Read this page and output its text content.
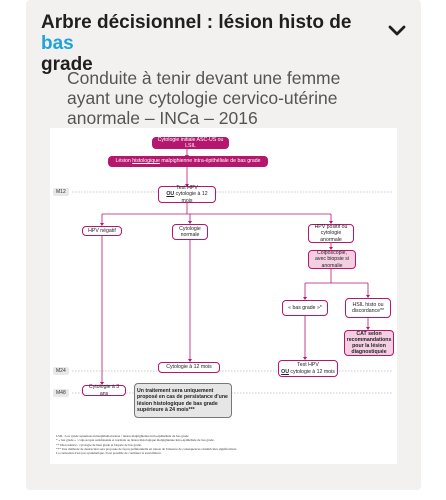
Arbre décisionnel : lésion histo de bas
grade
Conduite à tenir devant une femme ayant une cytologie cervico-utérine anormale – INCa – 2016
Cytologie initiale ASC-US ou LSIL
Lésion histologique malpighienne intra-épithéliale de bas grade
M12
M24
M48
Test HPV
OU cytologie à 12 mois
HPV négatif	Cytologie normale
HPV positif ou cytologie anormale
Colposcopie, avec biopsie si anomalie
« bas grade »*
HSIL histo ou discordance**
CAT selon recommandations pour la lésion diagnostiquée
Cytologie à 12 mois	Test HPV
OU cytologie à 12 mois
Cytologie à 3 ans	Un traitement sera uniquement proposé en cas de persistance d'une lésion histologique de bas grade supérieure à 24 mois***
LSIL : low grade squamous intraepithelial lesion / lésion malpighienne intra-épithéliale de bas grade
* « bas grade » : colposcopie satisfaisante et normale ou lésion histologique malpighienne intra-épithéliale de bas grade.
** Discordance : cytologie de haut grade et biopsie de bas grade.
*** Une méthode de destruction sera proposée de façon préférentielle en raison de l'absence de conséquences obstétricales significatives.
La conisation n'est pas systématique. Il est possible de continuer la surveillance.
